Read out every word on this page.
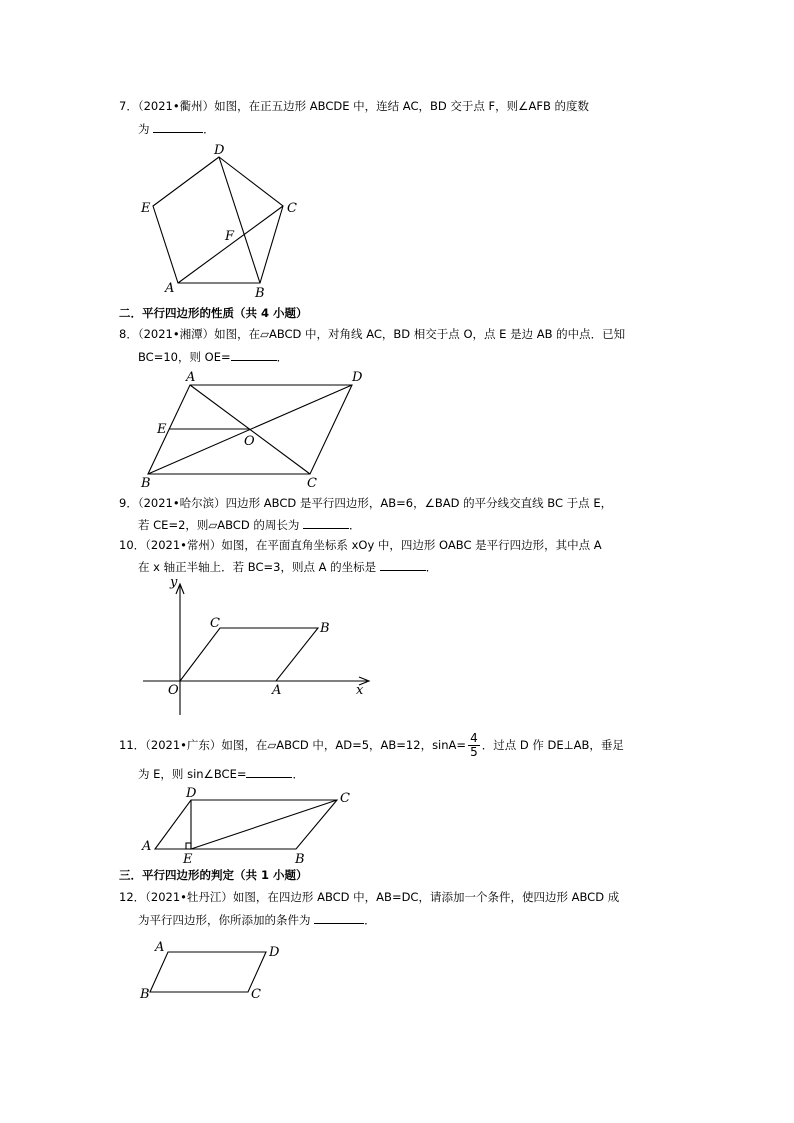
7．（2021•衢州）如图，在正五边形 ABCDE 中，连结 AC，BD 交于点 F，则∠AFB 的度数
为	．
D
C
E
F
A	B
二．平行四边形的性质（共 4 小题）
8．（2021•湘潭）如图，在▱ABCD 中，对角线 AC，BD 相交于点 O，点 E 是边 AB 的中点．已知
BC=10，则 OE=	．
A	D
E
O
B	C
9．（2021•哈尔滨）四边形 ABCD 是平行四边形，AB=6，∠BAD 的平分线交直线 BC 于点 E，
若 CE=2，则▱ABCD 的周长为	．
10．（2021•常州）如图，在平面直角坐标系 xOy 中，四边形 OABC 是平行四边形，其中点 A
在 x 轴正半轴上．若 BC=3，则点 A 的坐标是	．
y
x
O	A
B
C
11．（2021•广东）如图，在▱ABCD 中，AD=5，AB=12，$\sin A= \frac{4}{5}$ ．过点 D 作 DE⊥AB，垂足
为 E，则 sin∠BCE=	．
D	C
A
E	B
三．平行四边形的判定（共 1 小题）
12．（2021•牡丹江）如图，在四边形 ABCD 中，AB=DC，请添加一个条件，使四边形 ABCD 成
为平行四边形，你所添加的条件为	．
A	D
B	C
